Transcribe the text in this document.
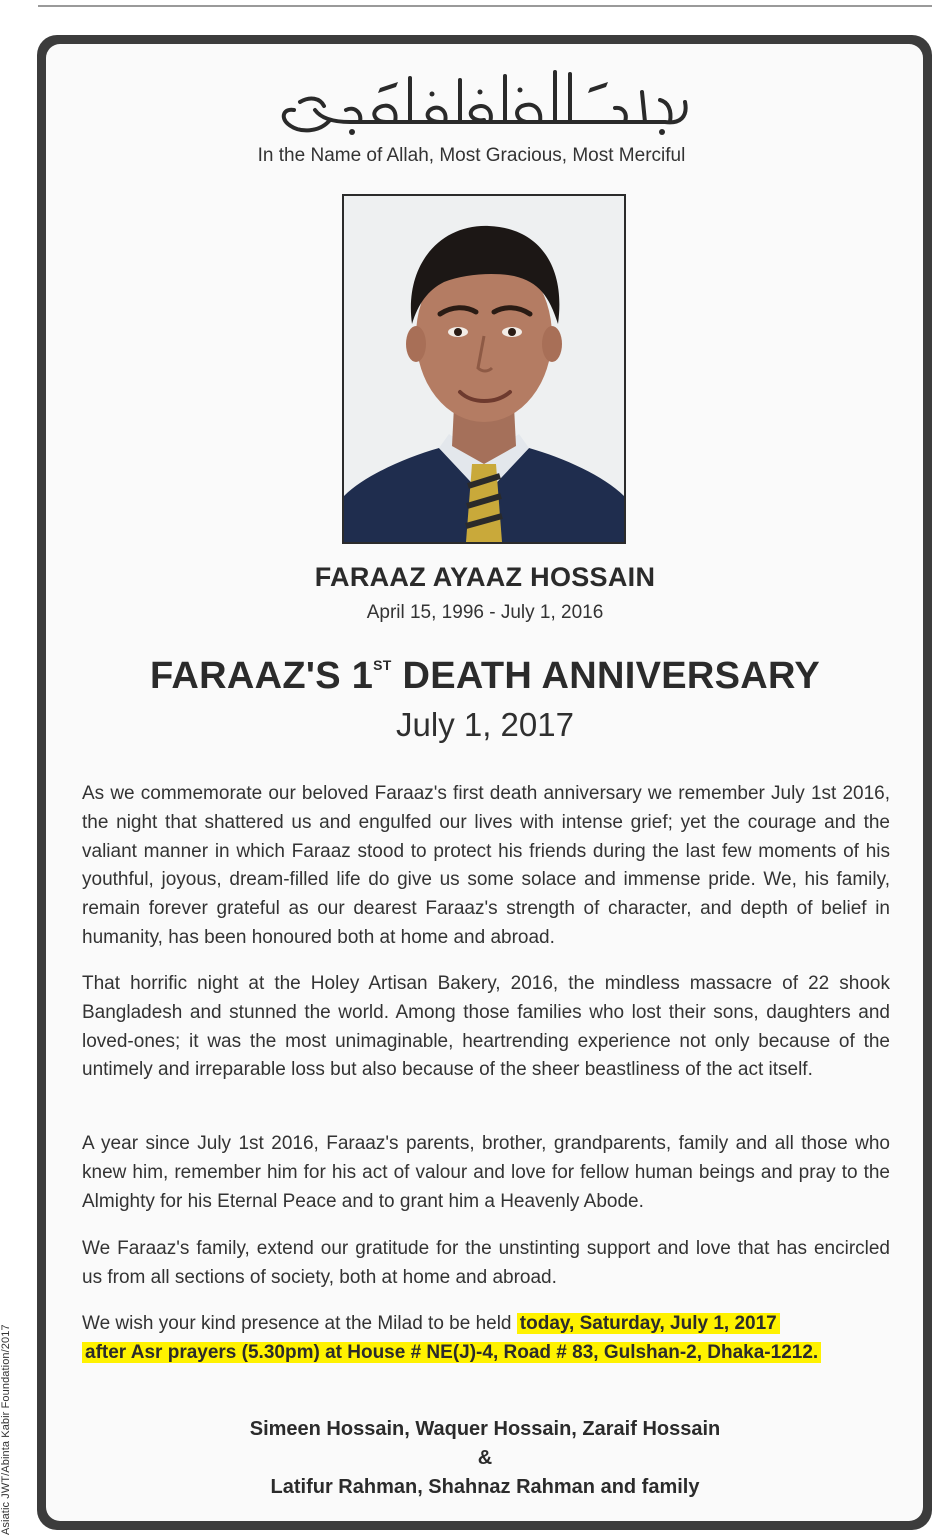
Asiatic JWT/Abinta Kabir Foundation/2017
In the Name of Allah, Most Gracious, Most Merciful
FARAAZ AYAAZ HOSSAIN
April 15, 1996 - July 1, 2016
FARAAZ'S 1ST DEATH ANNIVERSARY
July 1, 2017

As we commemorate our beloved Faraaz's first death anniversary we remember July 1st 2016, the night that shattered us and engulfed our lives with intense grief; yet the courage and the valiant manner in which Faraaz stood to protect his friends during the last few moments of his youthful, joyous, dream-filled life do give us some solace and immense pride. We, his family, remain forever grateful as our dearest Faraaz's strength of character, and depth of belief in humanity, has been honoured both at home and abroad.

That horrific night at the Holey Artisan Bakery, 2016, the mindless massacre of 22 shook Bangladesh and stunned the world. Among those families who lost their sons, daughters and loved-ones; it was the most unimaginable, heartrending experience not only because of the untimely and irreparable loss but also because of the sheer beastliness of the act itself.

A year since July 1st 2016, Faraaz's parents, brother, grandparents, family and all those who knew him, remember him for his act of valour and love for fellow human beings and pray to the Almighty for his Eternal Peace and to grant him a Heavenly Abode.

We Faraaz's family, extend our gratitude for the unstinting support and love that has encircled us from all sections of society, both at home and abroad.

We wish your kind presence at the Milad to be held today, Saturday, July 1, 2017
after Asr prayers (5.30pm) at House # NE(J)-4, Road # 83, Gulshan-2, Dhaka-1212.

Simeen Hossain, Waquer Hossain, Zaraif Hossain
&
Latifur Rahman, Shahnaz Rahman and family
